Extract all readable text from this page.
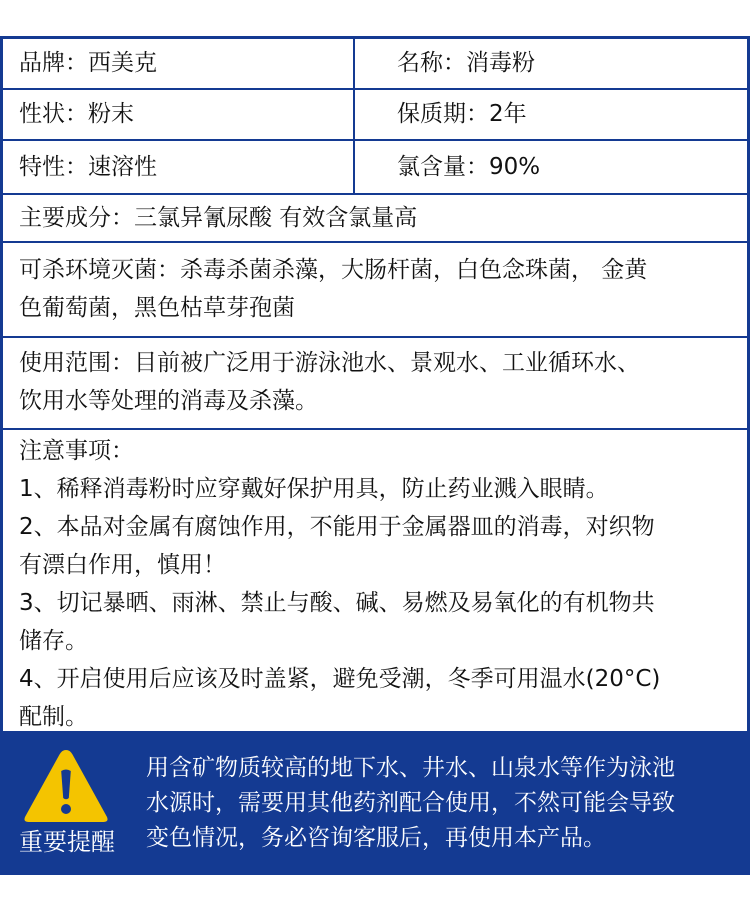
品牌：西美克	名称：消毒粉
性状：粉末	保质期：2年
特性：速溶性	氯含量：90%
主要成分：三氯异氰尿酸 有效含氯量高
可杀环境灭菌：杀毒杀菌杀藻，大肠杆菌，白色念珠菌， 金黄
色葡萄菌，黑色枯草芽孢菌
使用范围：目前被广泛用于游泳池水、景观水、工业循环水、
饮用水等处理的消毒及杀藻。
注意事项：
1、稀释消毒粉时应穿戴好保护用具，防止药业溅入眼睛。
2、本品对金属有腐蚀作用，不能用于金属器皿的消毒，对织物
有漂白作用，慎用！
3、切记暴晒、雨淋、禁止与酸、碱、易燃及易氧化的有机物共
储存。
4、开启使用后应该及时盖紧，避免受潮，冬季可用温水(20°C)
配制。
重要提醒
用含矿物质较高的地下水、井水、山泉水等作为泳池
水源时，需要用其他药剂配合使用，不然可能会导致
变色情况，务必咨询客服后，再使用本产品。
